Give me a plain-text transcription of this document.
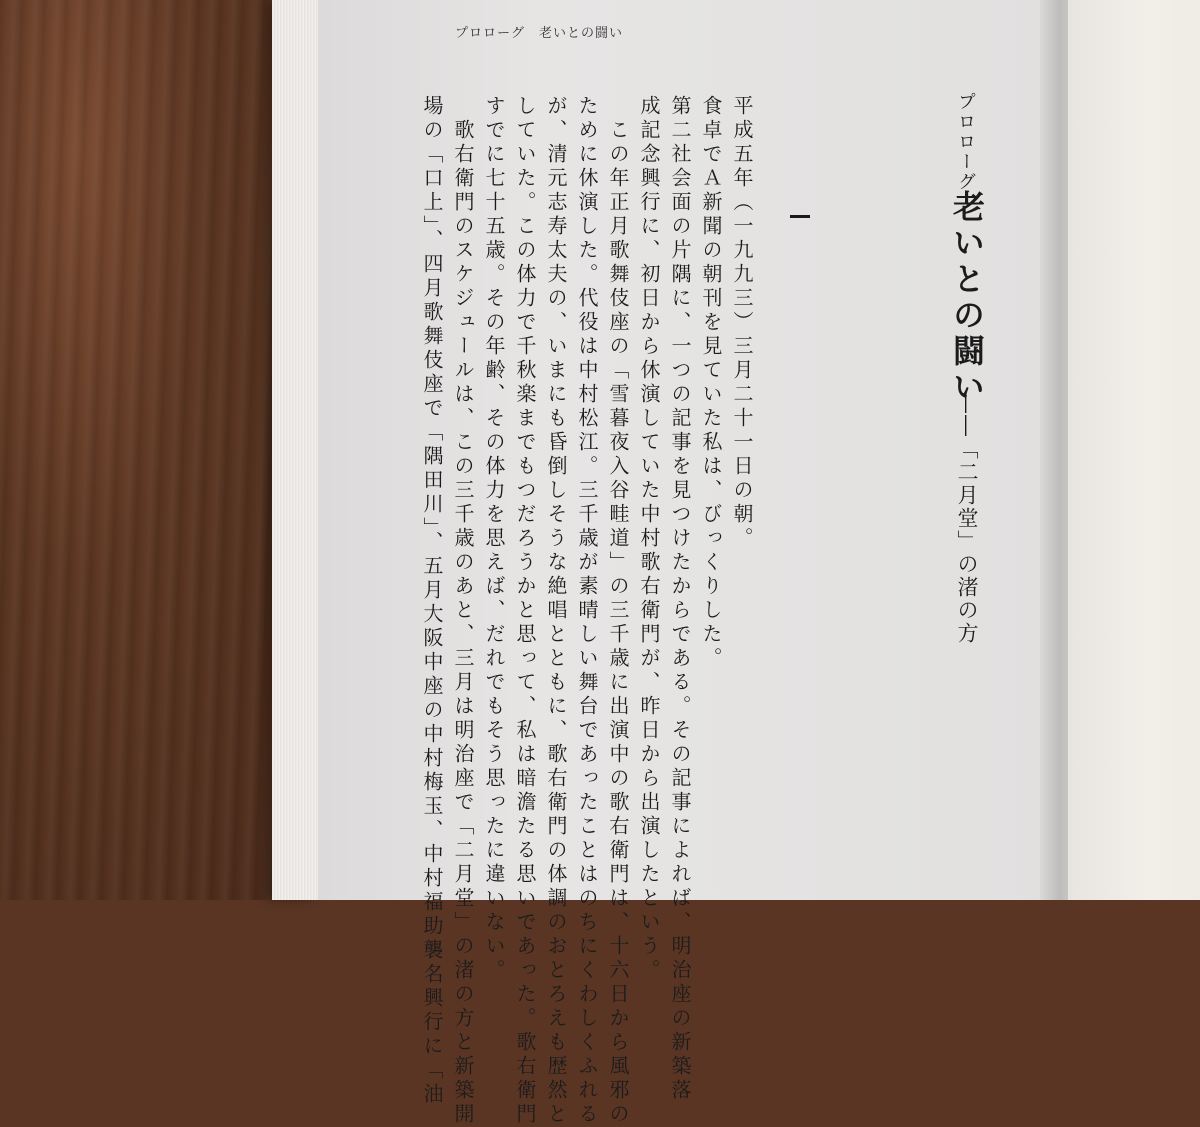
プロローグ　老いとの闘い
プロローグ
老いとの闘い
――「二月堂」の渚の方
平成五年（一九九三）三月二十一日の朝。
食卓でＡ新聞の朝刊を見ていた私は、びっくりした。
第二社会面の片隅に、一つの記事を見つけたからである。その記事によれば、明治座の新築落
成記念興行に、初日から休演していた中村歌右衛門が、昨日から出演したという。
　この年正月歌舞伎座の「雪暮夜入谷畦道」の三千歳に出演中の歌右衛門は、十六日から風邪の
ために休演した。代役は中村松江。三千歳が素晴しい舞台であったことはのちにくわしくふれる
が、清元志寿太夫の、いまにも昏倒しそうな絶唱とともに、歌右衛門の体調のおとろえも歴然と
していた。この体力で千秋楽までもつだろうかと思って、私は暗澹たる思いであった。歌右衛門
すでに七十五歳。その年齢、その体力を思えば、だれでもそう思ったに違いない。
　歌右衛門のスケジュールは、この三千歳のあと、三月は明治座で「二月堂」の渚の方と新築開
場の「口上」、四月歌舞伎座で「隅田川」、五月大阪中座の中村梅玉、中村福助襲名興行に「油
